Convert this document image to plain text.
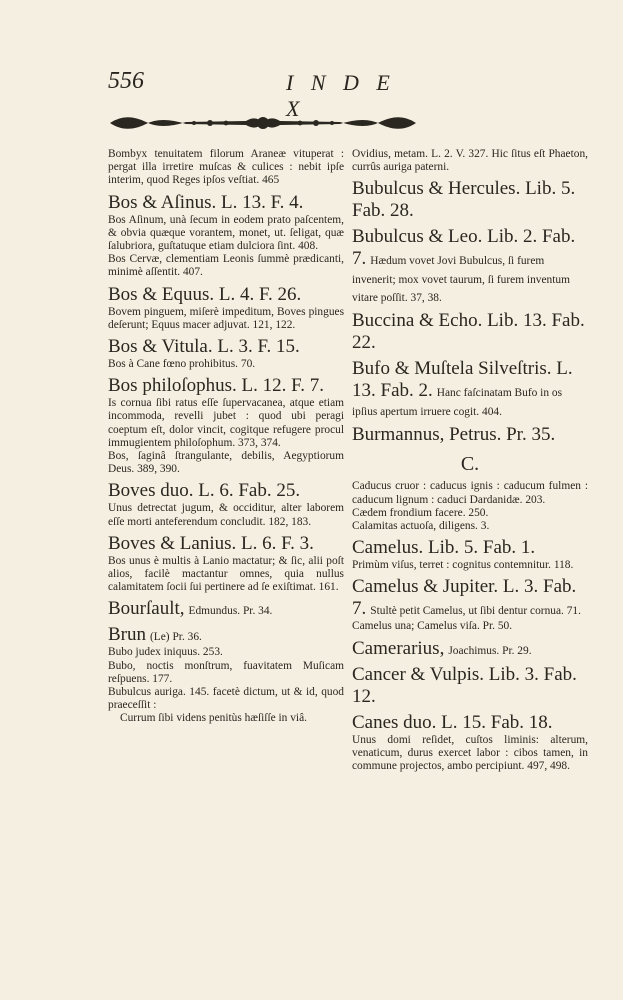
556	I N D E X
Bombyx tenuitatem filorum Araneæ vituperat : pergat illa irretire muſcas & culices : nebit ipſe interim, quod Reges ipſos veſtiat. 465
Bos & Aſinus. L. 13. F. 4.
Bos Aſinum, unà ſecum in eodem prato paſcentem, & obvia quæque vorantem, monet, ut. ſeligat, quæ ſalubriora, guſtatuque etiam dulciora ſint. 408.
Bos Cervæ, clementiam Leonis ſummè prædicanti, minimè aſſentit. 407.
Bos & Equus. L. 4. F. 26.
Bovem pinguem, miſerè impeditum, Boves pingues deſerunt; Equus macer adjuvat. 121, 122.
Bos & Vitula. L. 3. F. 15.
Bos à Cane fœno prohibitus. 70.
Bos philoſophus. L. 12. F. 7.
Is cornua ſibi ratus eſſe ſupervacanea, atque etiam incommoda, revelli jubet : quod ubi peragi coeptum eſt, dolor vincit, cogitque refugere procul immugientem philoſophum. 373, 374.
Bos, ſaginâ ſtrangulante, debilis, Aegyptiorum Deus. 389, 390.
Boves duo. L. 6. Fab. 25.
Unus detrectat jugum, & occiditur, alter laborem eſſe morti anteferendum concludit. 182, 183.
Boves & Lanius. L. 6. F. 3.
Bos unus è multis à Lanio mactatur; & ſic, alii poſt alios, facilè mactantur omnes, quia nullus calamitatem ſocii ſui pertinere ad ſe exiſtimat. 161.
Bourſault, Edmundus. Pr. 34.
Brun (Le) Pr. 36.
Bubo judex iniquus. 253.
Bubo, noctis monſtrum, fuavitatem Muſicam reſpuens. 177.
Bubulcus auriga. 145. facetè dictum, ut & id, quod praeceſſit :
Currum ſibi videns penitùs hæſiſſe in viâ.
Ovidius, metam. L. 2. V. 327. Hic ſitus eſt Phaeton, currûs auriga paterni.
Bubulcus & Hercules. Lib. 5. Fab. 28.
Bubulcus & Leo. Lib. 2. Fab. 7. Hædum vovet Jovi Bubulcus, ſi furem invenerit; mox vovet taurum, ſi furem inventum vitare poſſit. 37, 38.
Buccina & Echo. Lib. 13. Fab. 22.
Bufo & Muſtela Silveſtris. L. 13. Fab. 2. Hanc faſcinatam Bufo in os ipſius apertum irruere cogit. 404.
Burmannus, Petrus. Pr. 35.
C.
Caducus cruor : caducus ignis : caducum fulmen : caducum lignum : caduci Dardanidæ. 203.
Cædem frondium facere. 250.
Calamitas actuoſa, diligens. 3.
Camelus. Lib. 5. Fab. 1.
Primùm viſus, terret : cognitus contemnitur. 118.
Camelus & Jupiter. L. 3. Fab. 7. Stultè petit Camelus, ut ſibi dentur cornua. 71.
Camelus una; Camelus viſa. Pr. 50.
Camerarius, Joachimus. Pr. 29.
Cancer & Vulpis. Lib. 3. Fab. 12.
Canes duo. L. 15. Fab. 18.
Unus domi reſidet, cuſtos liminis: alterum, venaticum, durus exercet labor : cibos tamen, in commune projectos, ambo percipiunt. 497, 498.
